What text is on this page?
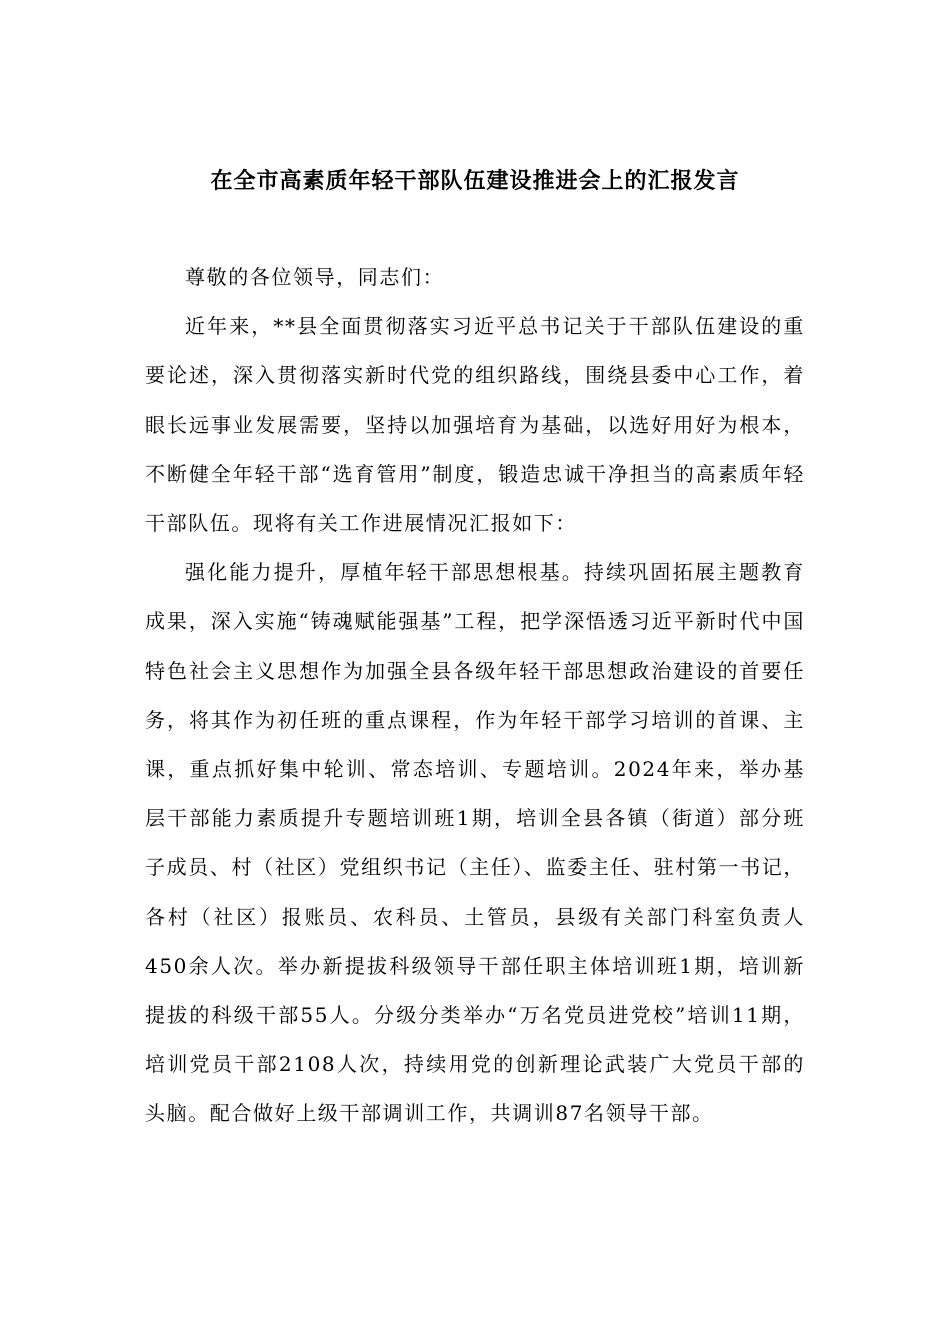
在全市高素质年轻干部队伍建设推进会上的汇报发言

尊敬的各位领导，同志们：

近年来，**县全面贯彻落实习近平总书记关于干部队伍建设的重要论述，深入贯彻落实新时代党的组织路线，围绕县委中心工作，着眼长远事业发展需要，坚持以加强培育为基础，以选好用好为根本，不断健全年轻干部“选育管用”制度，锻造忠诚干净担当的高素质年轻干部队伍。现将有关工作进展情况汇报如下：

强化能力提升，厚植年轻干部思想根基。持续巩固拓展主题教育成果，深入实施“铸魂赋能强基”工程，把学深悟透习近平新时代中国特色社会主义思想作为加强全县各级年轻干部思想政治建设的首要任务，将其作为初任班的重点课程，作为年轻干部学习培训的首课、主课，重点抓好集中轮训、常态培训、专题培训。2024年来，举办基层干部能力素质提升专题培训班1期，培训全县各镇（街道）部分班子成员、村（社区）党组织书记（主任）、监委主任、驻村第一书记，各村（社区）报账员、农科员、土管员，县级有关部门科室负责人450余人次。举办新提拔科级领导干部任职主体培训班1期，培训新提拔的科级干部55人。分级分类举办“万名党员进党校”培训11期，培训党员干部2108人次，持续用党的创新理论武装广大党员干部的头脑。配合做好上级干部调训工作，共调训87名领导干部。
